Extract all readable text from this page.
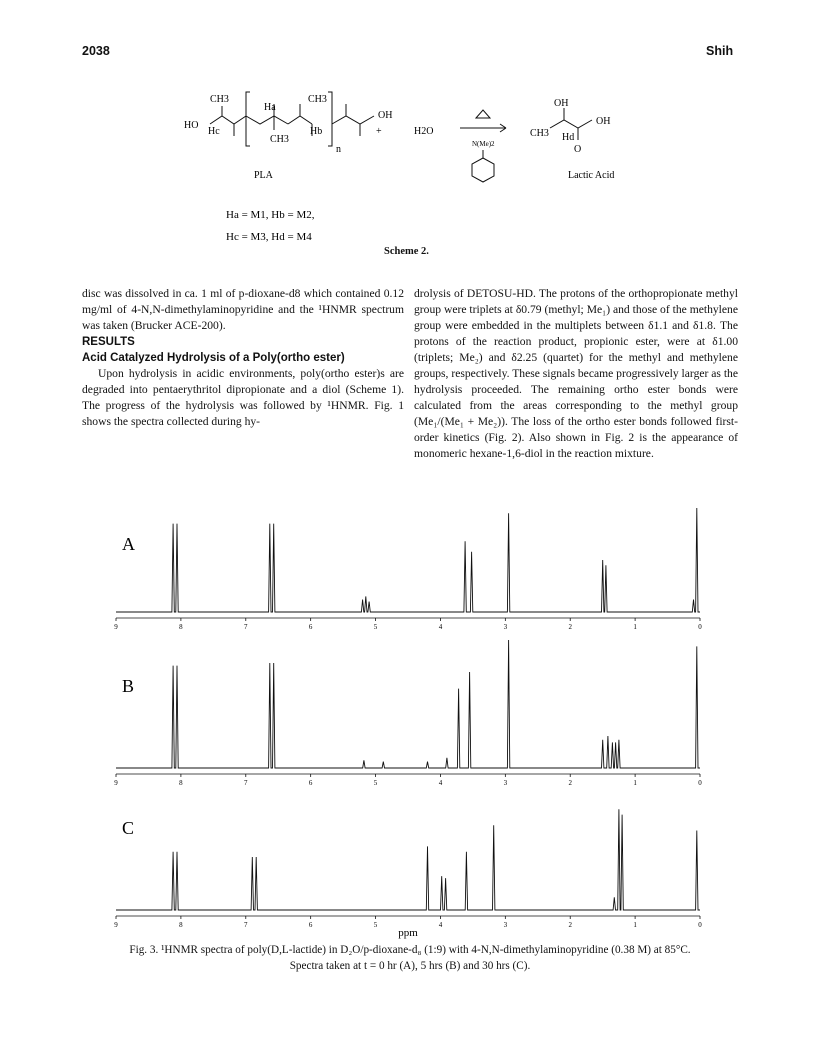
2038	Shih
CH3
HO
Hc
Ha
CH3
CH3
Hb
OH
n
+	H2O
N(Me)2
OH
CH3 Hd
OH
O
PLA	Lactic Acid
Ha = M1, Hb = M2,
Hc = M3, Hd = M4
Scheme 2.

disc was dissolved in ca. 1 ml of p-dioxane-d8 which contained 0.12 mg/ml of 4-N,N-dimethylaminopyridine and the ¹HNMR spectrum was taken (Brucker ACE-200).

RESULTS

Acid Catalyzed Hydrolysis of a Poly(ortho ester)

Upon hydrolysis in acidic environments, poly(ortho ester)s are degraded into pentaerythritol dipropionate and a diol (Scheme 1). The progress of the hydrolysis was followed by ¹HNMR. Fig. 1 shows the spectra collected during hy-

drolysis of DETOSU-HD. The protons of the orthopropionate methyl group were triplets at δ0.79 (methyl; Me₁) and those of the methylene group were embedded in the multiplets between δ1.1 and δ1.8. The protons of the reaction product, propionic ester, were at δ1.00 (triplets; Me₂) and δ2.25 (quartet) for the methyl and methylene groups, respectively. These signals became progressively larger as the hydrolysis proceeded. The remaining ortho ester bonds were calculated from the areas corresponding to the methyl group (Me₁/(Me₁ + Me₂)). The loss of the ortho ester bonds followed first-order kinetics (Fig. 2). Also shown in Fig. 2 is the appearance of monomeric hexane-1,6-diol in the reaction mixture.

A
9	8	7	6	5	4	3	2	1	0
B
9	8	7	6	5	4	3	2	1	0
C
9	8	7	6	5	4	3	2	1	0
ppm
Fig. 3. ¹HNMR spectra of poly(D,L-lactide) in D₂O/p-dioxane-d₈ (1:9) with 4-N,N-dimethylaminopyridine (0.38 M) at 85°C.
Spectra taken at t = 0 hr (A), 5 hrs (B) and 30 hrs (C).
